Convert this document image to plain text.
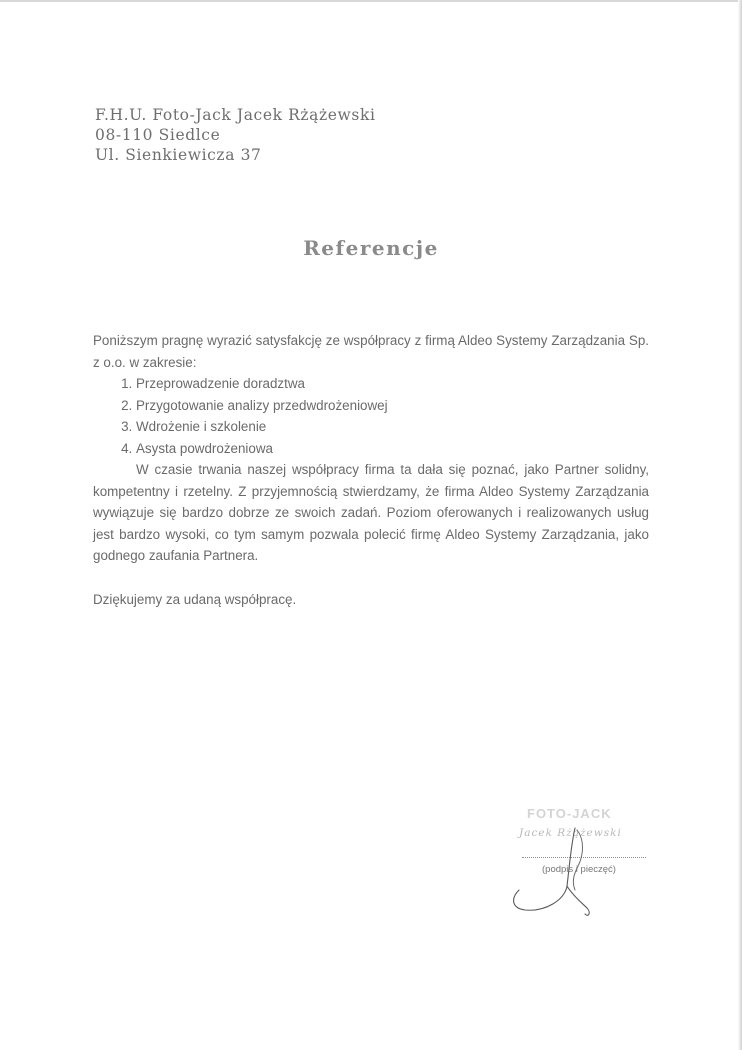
F.H.U. Foto-Jack Jacek Rżążewski
08-110 Siedlce
Ul. Sienkiewicza 37
Referencje

Poniższym pragnę wyrazić satysfakcję ze współpracy z firmą Aldeo Systemy Zarządzania Sp. z o.o. w zakresie:

1. Przeprowadzenie doradztwa
2. Przygotowanie analizy przedwdrożeniowej
3. Wdrożenie i szkolenie
4. Asysta powdrożeniowa

W czasie trwania naszej współpracy firma ta dała się poznać, jako Partner solidny, kompetentny i rzetelny. Z przyjemnością stwierdzamy, że firma Aldeo Systemy Zarządzania wywiązuje się bardzo dobrze ze swoich zadań. Poziom oferowanych i realizowanych usług jest bardzo wysoki, co tym samym pozwala polecić firmę Aldeo Systemy Zarządzania, jako godnego zaufania Partnera.

Dziękujemy za udaną współpracę.

FOTO-JACK
Jacek Rżążewski
(podpis i pieczęć)
